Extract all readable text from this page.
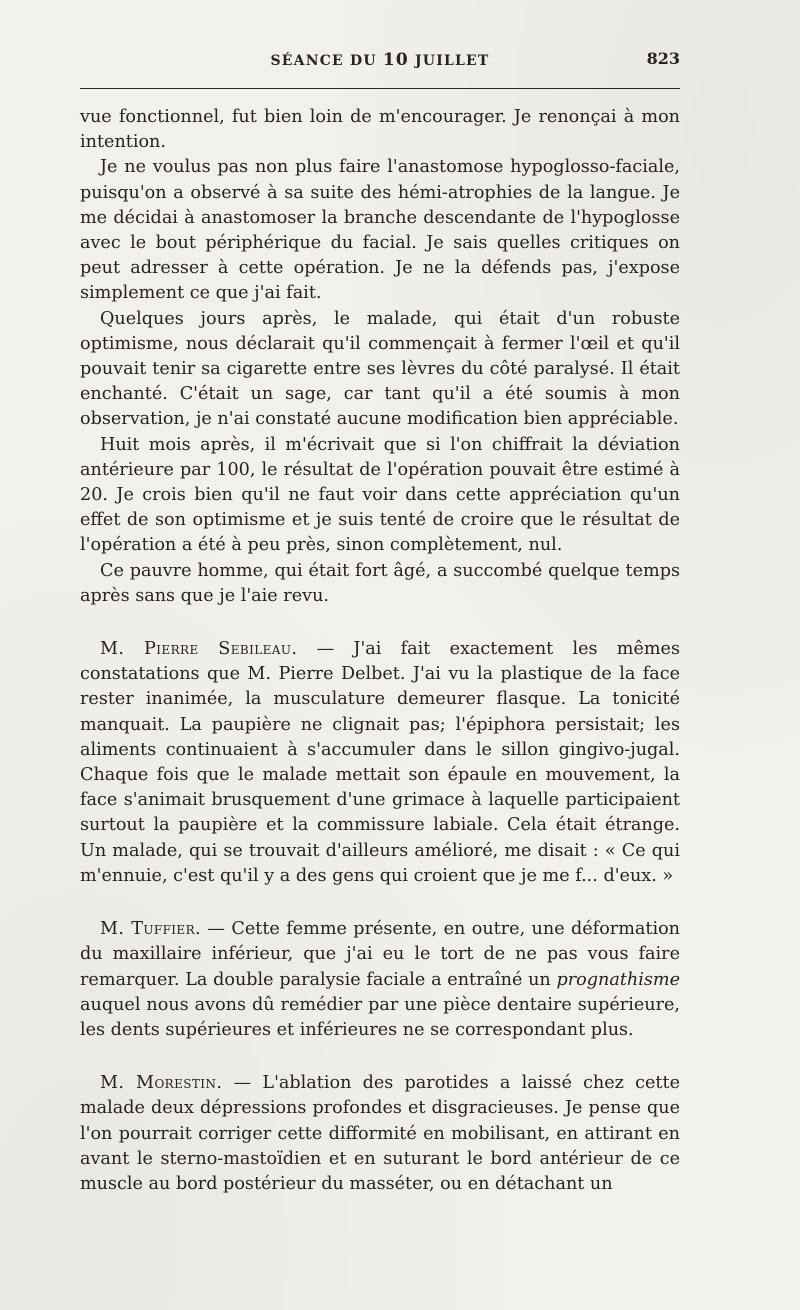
SÉANCE DU 10 JUILLET	823

vue fonctionnel, fut bien loin de m'encourager. Je renonçai à mon intention.

Je ne voulus pas non plus faire l'anastomose hypoglosso-faciale, puisqu'on a observé à sa suite des hémi-atrophies de la langue. Je me décidai à anastomoser la branche descendante de l'hypoglosse avec le bout périphérique du facial. Je sais quelles critiques on peut adresser à cette opération. Je ne la défends pas, j'expose simplement ce que j'ai fait.

Quelques jours après, le malade, qui était d'un robuste optimisme, nous déclarait qu'il commençait à fermer l'œil et qu'il pouvait tenir sa cigarette entre ses lèvres du côté paralysé. Il était enchanté. C'était un sage, car tant qu'il a été soumis à mon observation, je n'ai constaté aucune modification bien appréciable.

Huit mois après, il m'écrivait que si l'on chiffrait la déviation antérieure par 100, le résultat de l'opération pouvait être estimé à 20. Je crois bien qu'il ne faut voir dans cette appréciation qu'un effet de son optimisme et je suis tenté de croire que le résultat de l'opération a été à peu près, sinon complètement, nul.

Ce pauvre homme, qui était fort âgé, a succombé quelque temps après sans que je l'aie revu.

M. Pierre Sebileau. — J'ai fait exactement les mêmes constatations que M. Pierre Delbet. J'ai vu la plastique de la face rester inanimée, la musculature demeurer flasque. La tonicité manquait. La paupière ne clignait pas; l'épiphora persistait; les aliments continuaient à s'accumuler dans le sillon gingivo-jugal. Chaque fois que le malade mettait son épaule en mouvement, la face s'animait brusquement d'une grimace à laquelle participaient surtout la paupière et la commissure labiale. Cela était étrange. Un malade, qui se trouvait d'ailleurs amélioré, me disait : « Ce qui m'ennuie, c'est qu'il y a des gens qui croient que je me f... d'eux. »

M. Tuffier. — Cette femme présente, en outre, une déformation du maxillaire inférieur, que j'ai eu le tort de ne pas vous faire remarquer. La double paralysie faciale a entraîné un prognathisme auquel nous avons dû remédier par une pièce dentaire supérieure, les dents supérieures et inférieures ne se correspondant plus.

M. Morestin. — L'ablation des parotides a laissé chez cette malade deux dépressions profondes et disgracieuses. Je pense que l'on pourrait corriger cette difformité en mobilisant, en attirant en avant le sterno-mastoïdien et en suturant le bord antérieur de ce muscle au bord postérieur du masséter, ou en détachant un
